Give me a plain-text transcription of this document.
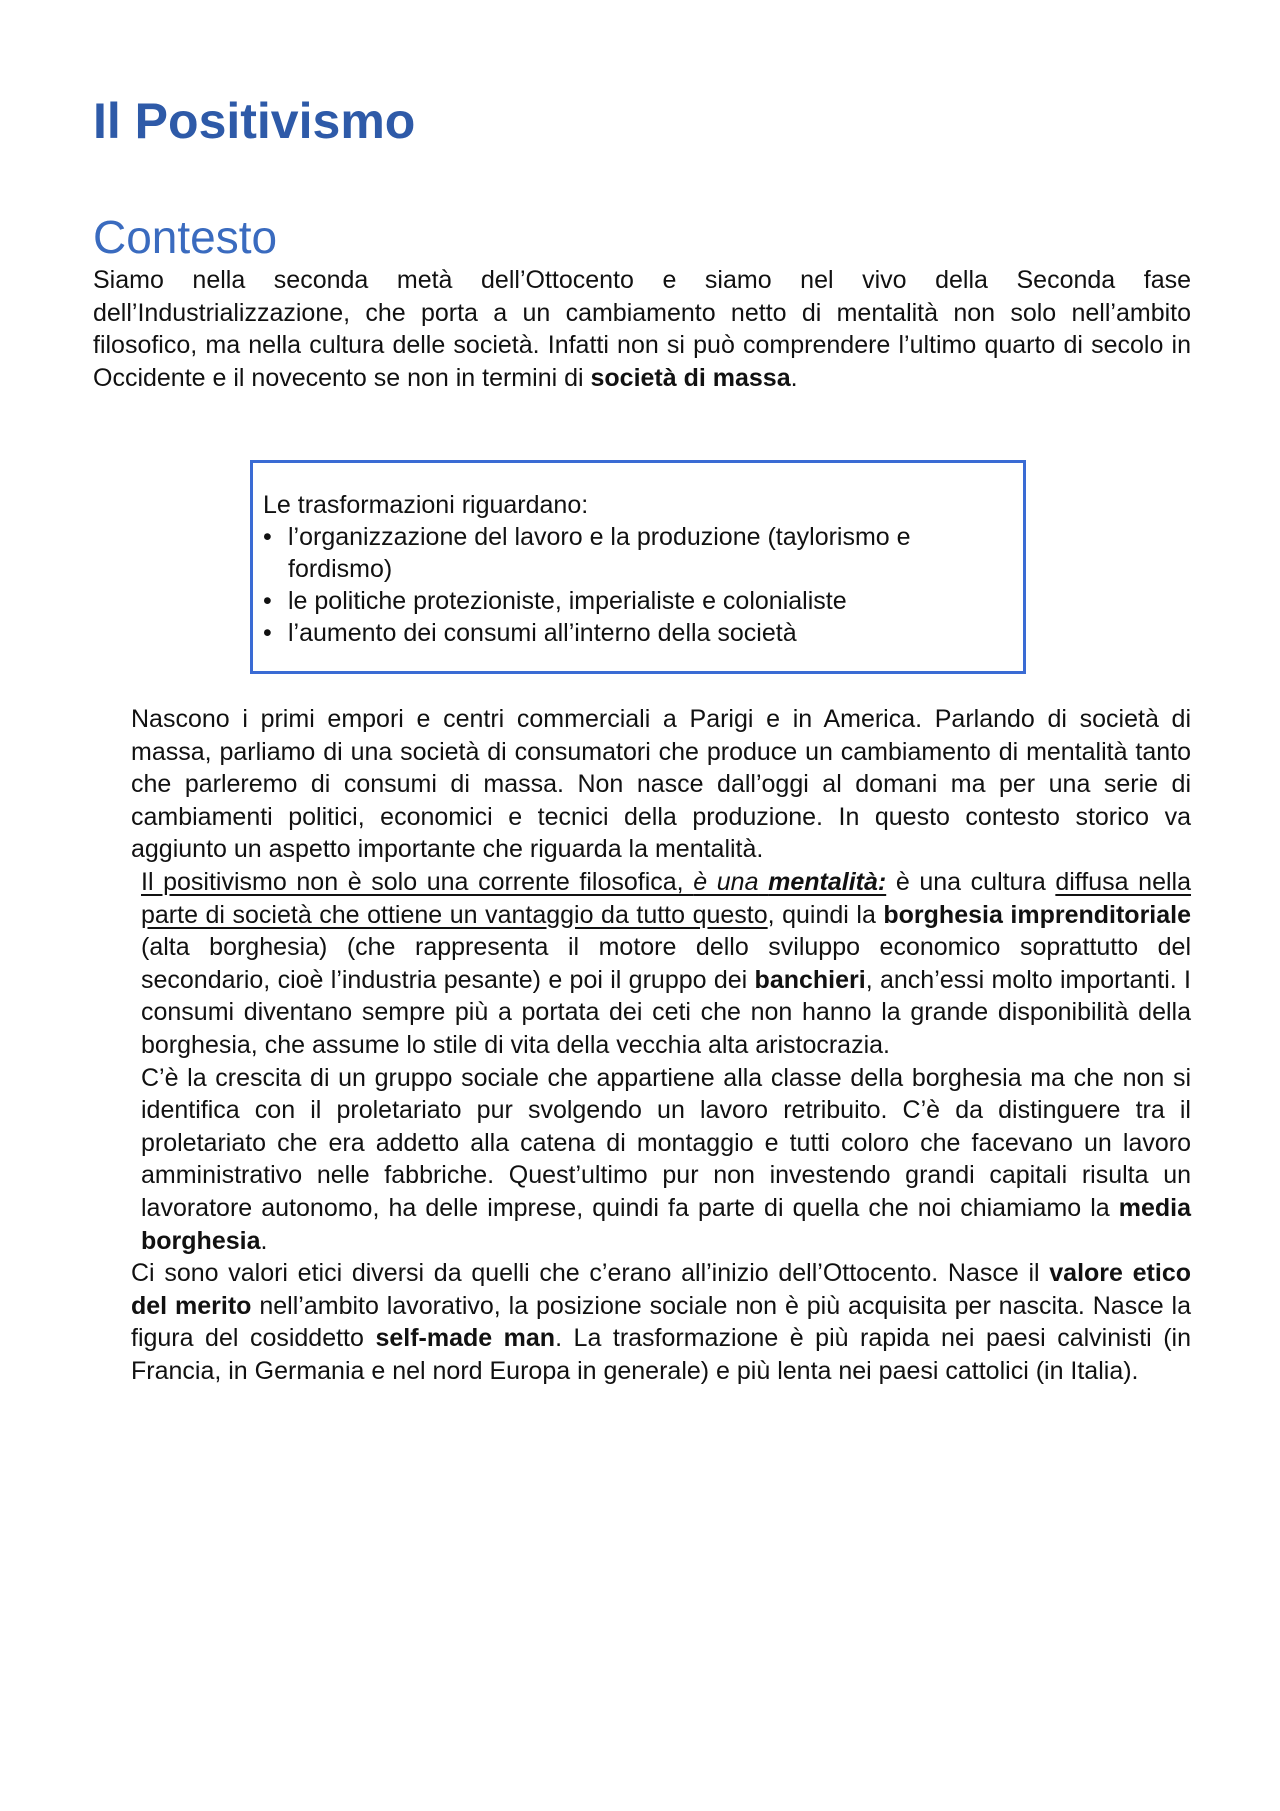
Il Positivismo
Contesto

Siamo nella seconda metà dell’Ottocento e siamo nel vivo della Seconda fase dell’Industrializzazione, che porta a un cambiamento netto di mentalità non solo nell’ambito filosofico, ma nella cultura delle società. Infatti non si può comprendere l’ultimo quarto di secolo in Occidente e il novecento se non in termini di società di massa.

Le trasformazioni riguardano:

• l’organizzazione del lavoro e la produzione (taylorismo e fordismo)
• le politiche protezioniste, imperialiste e colonialiste
• l’aumento dei consumi all’interno della società

Nascono i primi empori e centri commerciali a Parigi e in America. Parlando di società di massa, parliamo di una società di consumatori che produce un cambiamento di mentalità tanto che parleremo di consumi di massa. Non nasce dall’oggi al domani ma per una serie di cambiamenti politici, economici e tecnici della produzione. In questo contesto storico va aggiunto un aspetto importante che riguarda la mentalità.

Il positivismo non è solo una corrente filosofica, è una mentalità: è una cultura diffusa nella parte di società che ottiene un vantaggio da tutto questo, quindi la borghesia imprenditoriale (alta borghesia) (che rappresenta il motore dello sviluppo economico soprattutto del secondario, cioè l’industria pesante) e poi il gruppo dei banchieri, anch’essi molto importanti. I consumi diventano sempre più a portata dei ceti che non hanno la grande disponibilità della borghesia, che assume lo stile di vita della vecchia alta aristocrazia.

C’è la crescita di un gruppo sociale che appartiene alla classe della borghesia ma che non si identifica con il proletariato pur svolgendo un lavoro retribuito. C’è da distinguere tra il proletariato che era addetto alla catena di montaggio e tutti coloro che facevano un lavoro amministrativo nelle fabbriche. Quest’ultimo pur non investendo grandi capitali risulta un lavoratore autonomo, ha delle imprese, quindi fa parte di quella che noi chiamiamo la media borghesia.

Ci sono valori etici diversi da quelli che c’erano all’inizio dell’Ottocento. Nasce il valore etico del merito nell’ambito lavorativo, la posizione sociale non è più acquisita per nascita. Nasce la figura del cosiddetto self-made man. La trasformazione è più rapida nei paesi calvinisti (in Francia, in Germania e nel nord Europa in generale) e più lenta nei paesi cattolici (in Italia).
